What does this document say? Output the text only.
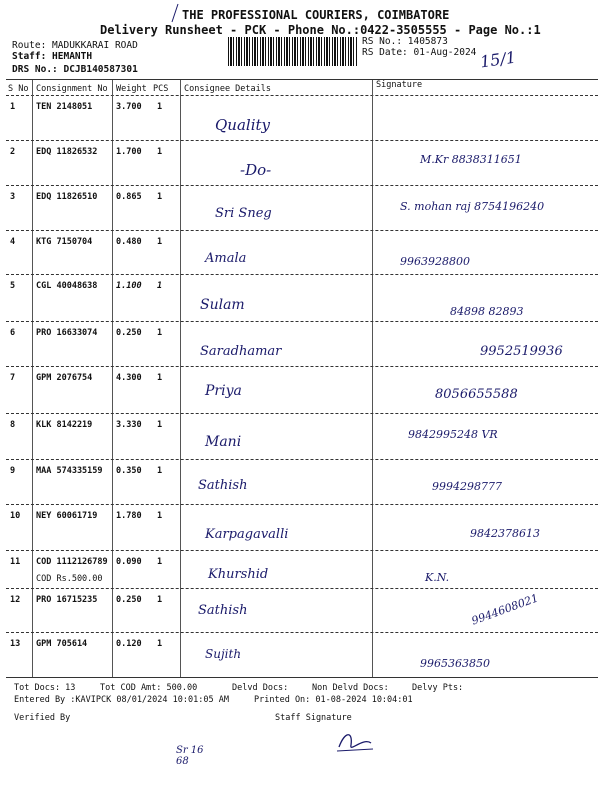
THE PROFESSIONAL COURIERS, COIMBATORE
Delivery Runsheet - PCK - Phone No.:0422-3505555 - Page No.:1
Route: MADUKKARAI ROAD
Staff: HEMANTH
DRS No.: DCJB140587301
RS No.: 1405873
RS Date: 01-Aug-2024 15/1
S No Consignment No Weight PCS Consignee Details	Signature
1 TEN 2148051	3.700 1
Quality
2 EDQ 11826532 1.700 1
-Do-
M.Kr 8838311651
3 EDQ 11826510 0.865 1
Sri Sneg	S. mohan raj 8754196240
4 KTG 7150704	0.480 1
Amala	9963928800
5 CGL 40048638 1.100 1
Sulam	84898 82893
6 PRO 16633074 0.250 1
Saradhamar	9952519936
7 GPM 2076754	4.300 1
Priya	8056655588
8 KLK 8142219	3.330 1
Mani	9842995248 VR
9 MAA 574335159 0.350 1
Sathish	9994298777
10 NEY 60061719 1.780 1
Karpagavalli	9842378613
11 COD 1112126789 0.090 1
COD Rs.500.00	Khurshid	K.N.
12 PRO 16715235 0.250 1
Sathish	9944608021
13 GPM 705614	0.120 1
Sujith
9965363850
Tot Docs: 13	Tot COD Amt: 500.00	Delvd Docs:	Non Delvd Docs:	Delvy Pts:
Entered By :KAVIPCK 08/01/2024 10:01:05 AM	Printed On: 01-08-2024 10:04:01
Verified By	Staff Signature
Sr 16 68
